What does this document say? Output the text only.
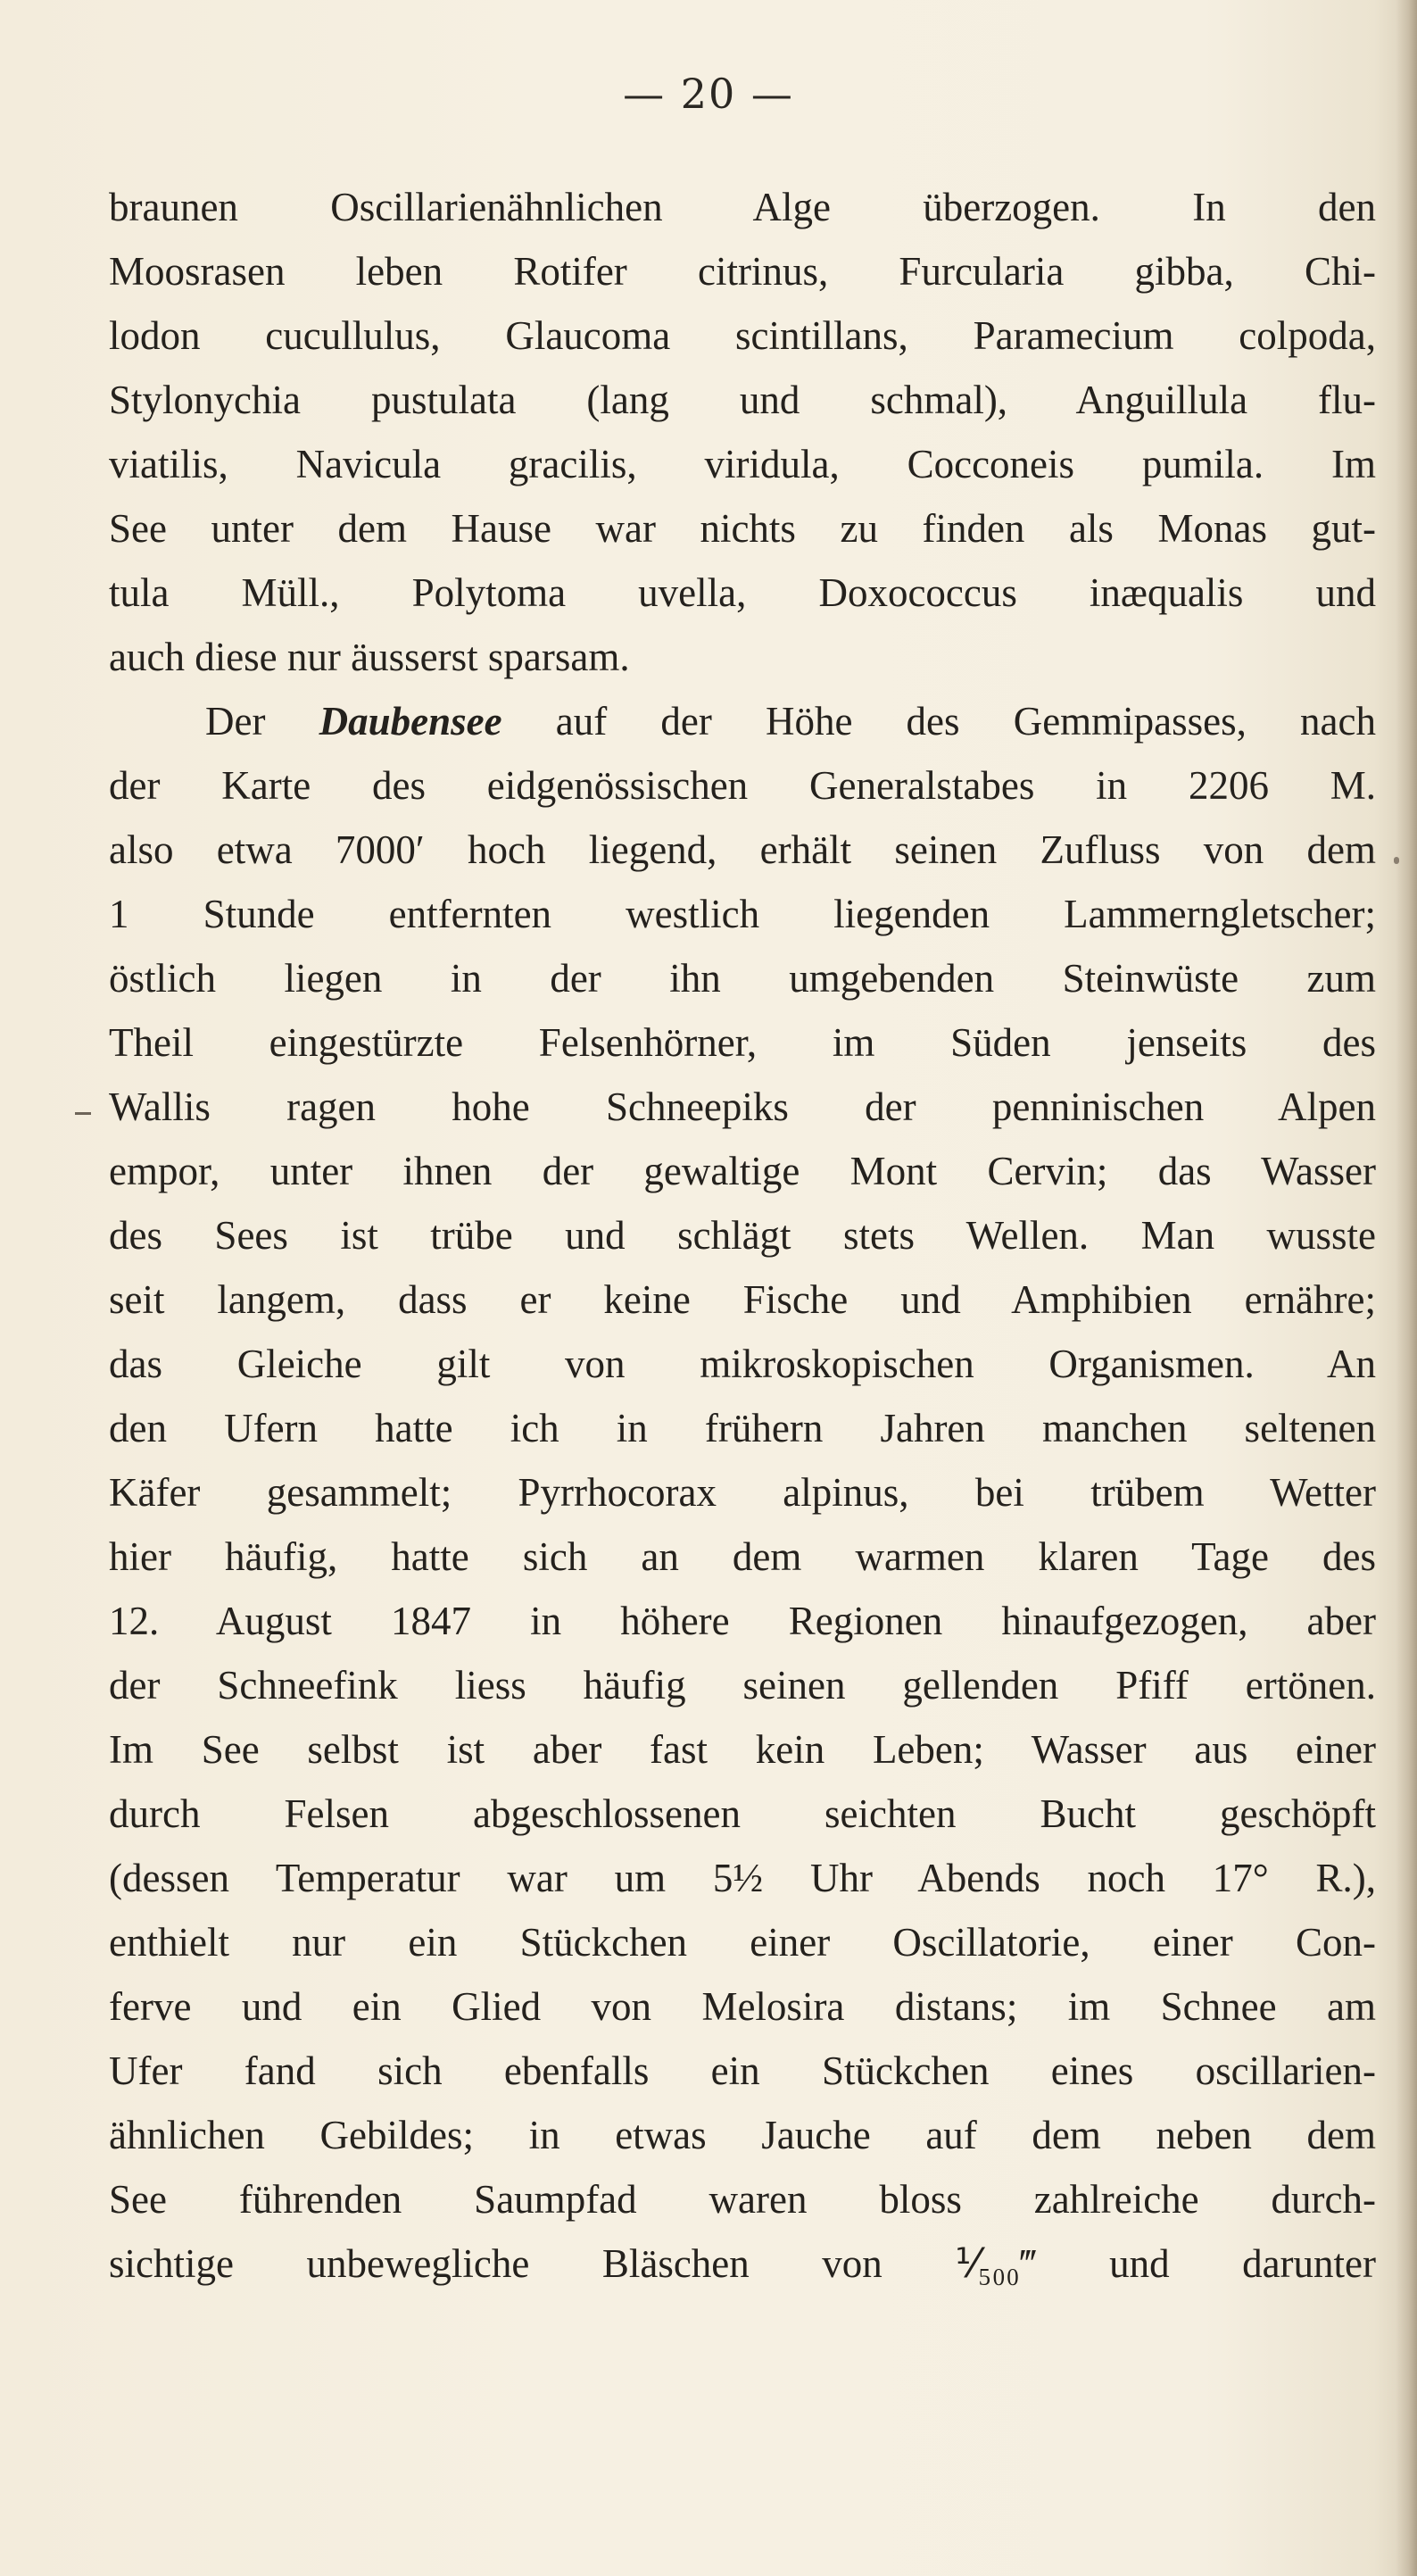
— 20 —
braunen Oscillarienähnlichen Alge überzogen. In den
Moosrasen leben Rotifer citrinus, Furcularia gibba, Chi-
lodon cucullulus, Glaucoma scintillans, Paramecium colpoda,
Stylonychia pustulata (lang und schmal), Anguillula flu-
viatilis, Navicula gracilis, viridula, Cocconeis pumila. Im
See unter dem Hause war nichts zu finden als Monas gut-
tula Müll., Polytoma uvella, Doxococcus inæqualis und
auch diese nur äusserst sparsam.
Der Daubensee auf der Höhe des Gemmipasses, nach
der Karte des eidgenössischen Generalstabes in 2206 M.
also etwa 7000′ hoch liegend, erhält seinen Zufluss von dem
1 Stunde entfernten westlich liegenden Lammerngletscher;
östlich liegen in der ihn umgebenden Steinwüste zum
Theil eingestürzte Felsenhörner, im Süden jenseits des
Wallis ragen hohe Schneepiks der penninischen Alpen
empor, unter ihnen der gewaltige Mont Cervin; das Wasser
des Sees ist trübe und schlägt stets Wellen. Man wusste
seit langem, dass er keine Fische und Amphibien ernähre;
das Gleiche gilt von mikroskopischen Organismen. An
den Ufern hatte ich in frühern Jahren manchen seltenen
Käfer gesammelt; Pyrrhocorax alpinus, bei trübem Wetter
hier häufig, hatte sich an dem warmen klaren Tage des
12. August 1847 in höhere Regionen hinaufgezogen, aber
der Schneefink liess häufig seinen gellenden Pfiff ertönen.
Im See selbst ist aber fast kein Leben; Wasser aus einer
durch Felsen abgeschlossenen seichten Bucht geschöpft
(dessen Temperatur war um 5½ Uhr Abends noch 17° R.),
enthielt nur ein Stückchen einer Oscillatorie, einer Con-
ferve und ein Glied von Melosira distans; im Schnee am
Ufer fand sich ebenfalls ein Stückchen eines oscillarien-
ähnlichen Gebildes; in etwas Jauche auf dem neben dem
See führenden Saumpfad waren bloss zahlreiche durch-
sichtige unbewegliche Bläschen von ⅟₅₀₀‴ und darunter
